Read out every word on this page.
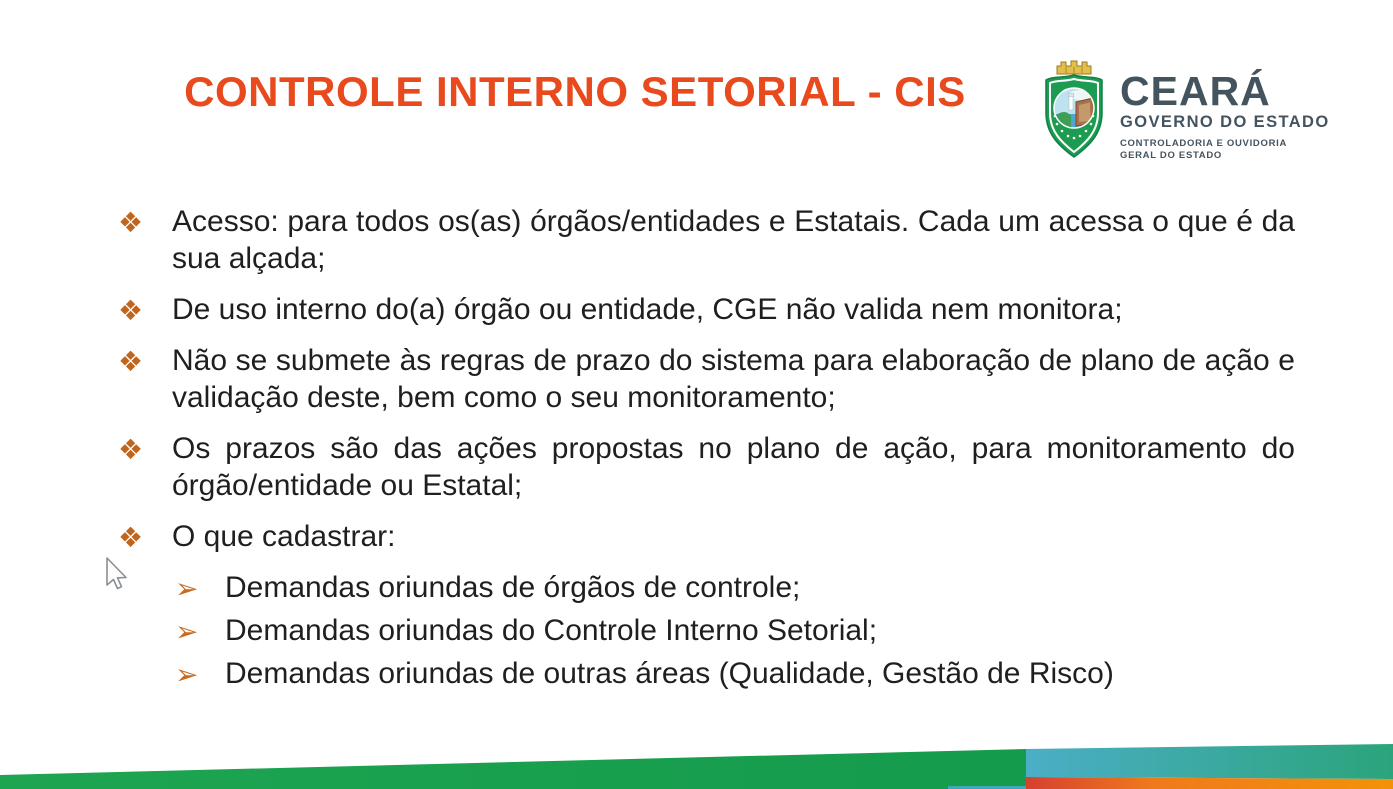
CONTROLE INTERNO SETORIAL - CIS	CEARÁ
GOVERNO DO ESTADO
CONTROLADORIA E OUVIDORIA
GERAL DO ESTADO
❖ Acesso: para todos os(as) órgãos/entidades e Estatais. Cada um acessa o que é da sua alçada;
❖ De uso interno do(a) órgão ou entidade, CGE não valida nem monitora;
❖ Não se submete às regras de prazo do sistema para elaboração de plano de ação e validação deste, bem como o seu monitoramento;
❖ Os prazos são das ações propostas no plano de ação, para monitoramento do órgão/entidade ou Estatal;
❖ O que cadastrar:
➢ Demandas oriundas de órgãos de controle;
➢ Demandas oriundas do Controle Interno Setorial;
➢ Demandas oriundas de outras áreas (Qualidade, Gestão de Risco)
